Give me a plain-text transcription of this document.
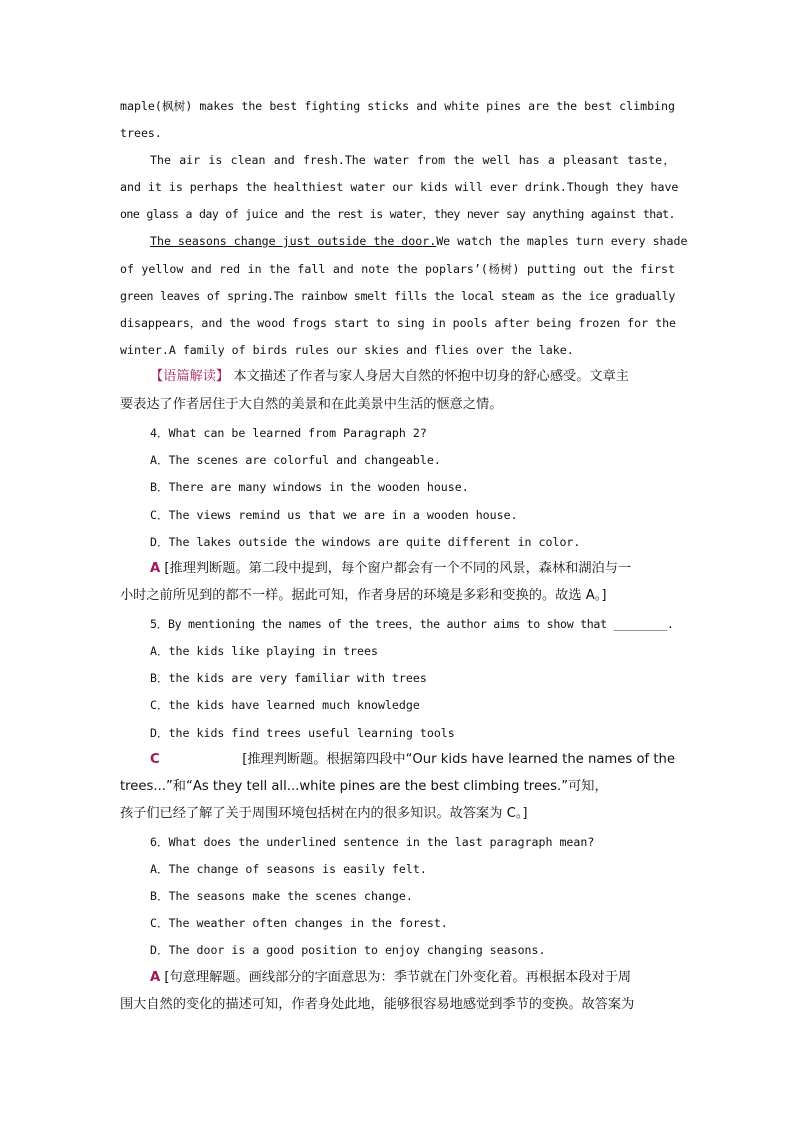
maple(枫树) makes the best fighting sticks and white pines are the best climbing
trees.
The air is clean and fresh.The water from the well has a pleasant taste，
and it is perhaps the healthiest water our kids will ever drink.Though they have
one glass a day of juice and the rest is water，they never say anything against that.
The seasons change just outside the door. We watch the maples turn every shade
of yellow and red in the fall and note the poplars’(杨树) putting out the first
green leaves of spring.The rainbow smelt fills the local steam as the ice gradually
disappears，and the wood frogs start to sing in pools after being frozen for the
winter.A family of birds rules our skies and flies over the lake.
【语篇解读】 本文描述了作者与家人身居大自然的怀抱中切身的舒心感受。文章主
要表达了作者居住于大自然的美景和在此美景中生活的惬意之情。
4．What can be learned from Paragraph 2?
A．The scenes are colorful and changeable.
B．There are many windows in the wooden house.
C．The views remind us that we are in a wooden house.
D．The lakes outside the windows are quite different in color.
A [推理判断题。第二段中提到，每个窗户都会有一个不同的风景，森林和湖泊与一
小时之前所见到的都不一样。据此可知，作者身居的环境是多彩和变换的。故选 A。]
5．By mentioning the names of the trees，the author aims to show that ________.
A．the kids like playing in trees
B．the kids are very familiar with trees
C．the kids have learned much knowledge
D．the kids find trees useful learning tools
C	[推理判断题。根据第四段中“Our kids have learned the names of the
trees...”和“As they tell all...white pines are the best climbing trees.”可知，
孩子们已经了解了关于周围环境包括树在内的很多知识。故答案为 C。]
6．What does the underlined sentence in the last paragraph mean?
A．The change of seasons is easily felt.
B．The seasons make the scenes change.
C．The weather often changes in the forest.
D．The door is a good position to enjoy changing seasons.
A [句意理解题。画线部分的字面意思为：季节就在门外变化着。再根据本段对于周
围大自然的变化的描述可知，作者身处此地，能够很容易地感觉到季节的变换。故答案为
